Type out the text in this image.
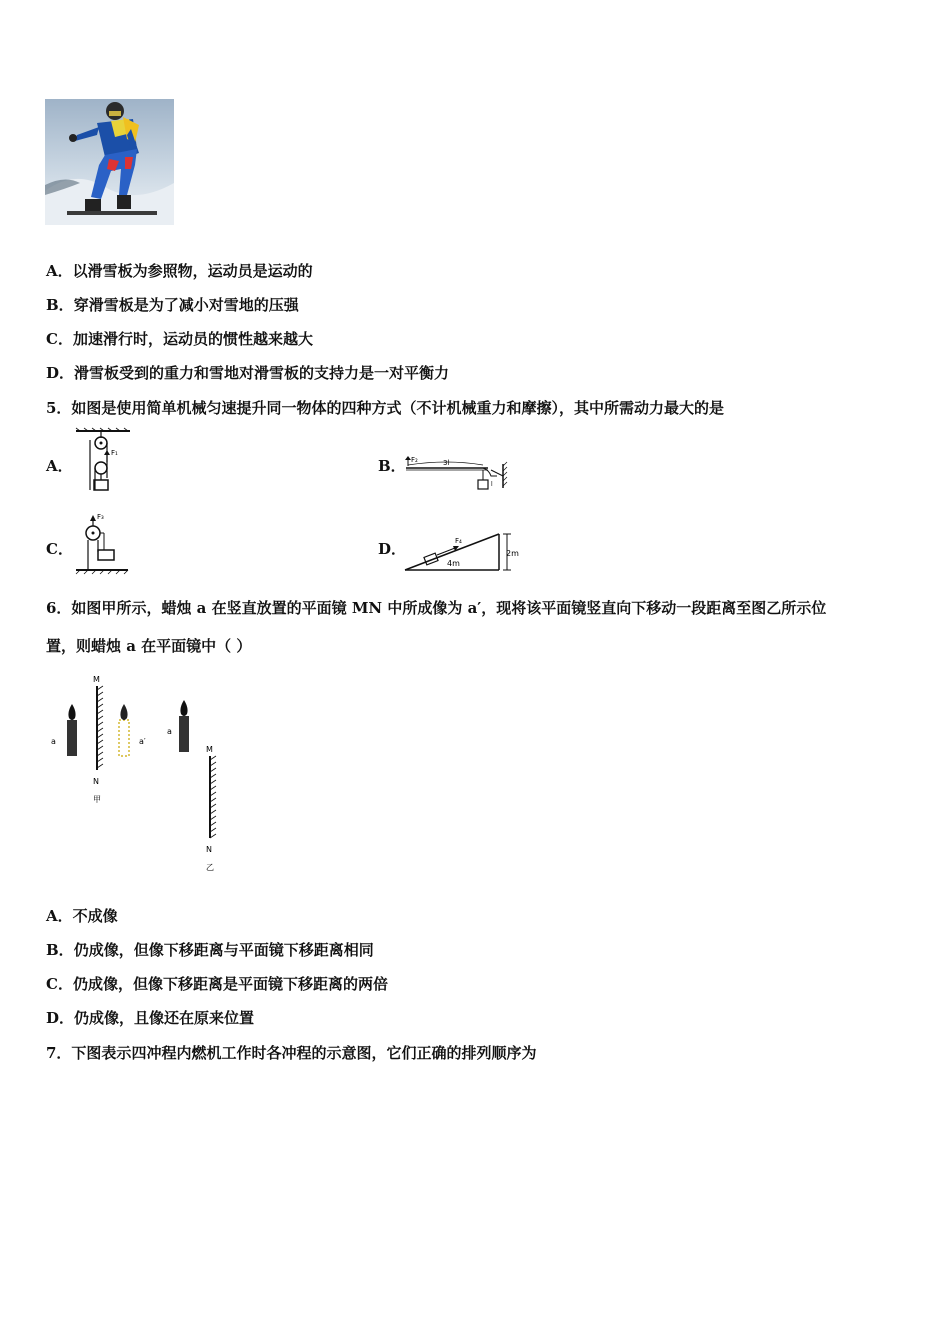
A．以滑雪板为参照物，运动员是运动的
B．穿滑雪板是为了减小对雪地的压强
C．加速滑行时，运动员的惯性越来越大
D．滑雪板受到的重力和雪地对滑雪板的支持力是一对平衡力
5．如图是使用简单机械匀速提升同一物体的四种方式（不计机械重力和摩擦），其中所需动力最大的是
A．
F₁
B． F₂	3l
l
C．
F₃
D．	F₄
4m
2m
6．如图甲所示，蜡烛 a 在竖直放置的平面镜 MN 中所成像为 a′，现将该平面镜竖直向下移动一段距离至图乙所示位
置，则蜡烛 a 在平面镜中（ ）
a
M
N
甲
a′
a
M
N
乙
A．不成像
B．仍成像，但像下移距离与平面镜下移距离相同
C．仍成像，但像下移距离是平面镜下移距离的两倍
D．仍成像，且像还在原来位置
7．下图表示四冲程内燃机工作时各冲程的示意图，它们正确的排列顺序为
